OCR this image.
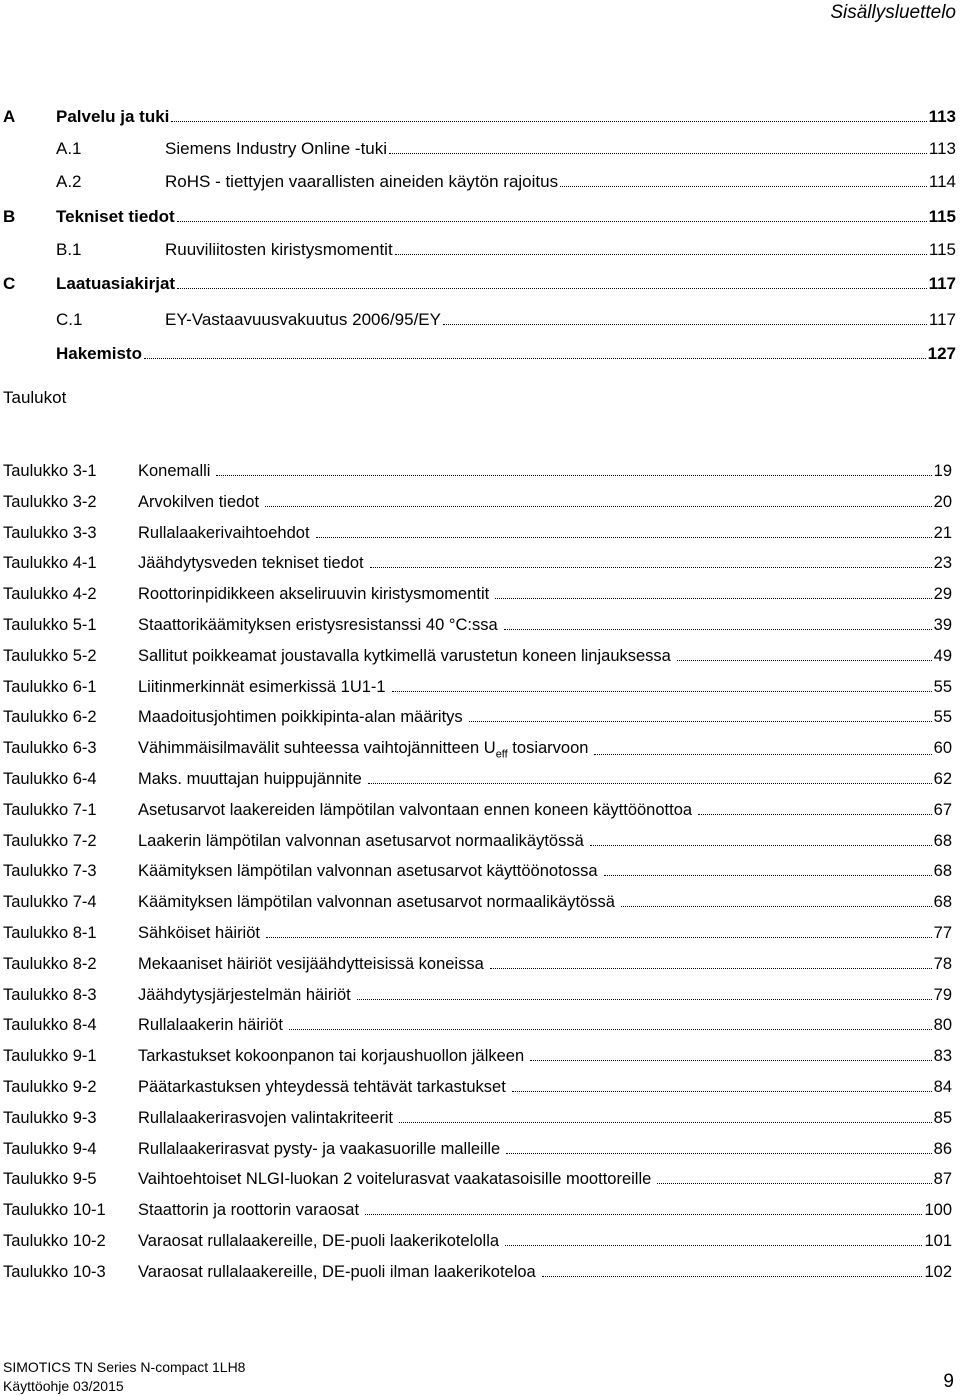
Sisällysluettelo
A Palvelu ja tuki	113
A.1	Siemens Industry Online -tuki	113
A.2	RoHS - tiettyjen vaarallisten aineiden käytön rajoitus	114
B Tekniset tiedot	115
B.1	Ruuviliitosten kiristysmomentit	115
C Laatuasiakirjat	117
C.1	EY-Vastaavuusvakuutus 2006/95/EY	117
Hakemisto	127
Taulukot
Taulukko 3-1	Konemalli	19
Taulukko 3-2	Arvokilven tiedot	20
Taulukko 3-3	Rullalaakerivaihtoehdot	21
Taulukko 4-1	Jäähdytysveden tekniset tiedot	23
Taulukko 4-2	Roottorinpidikkeen akseliruuvin kiristysmomentit	29
Taulukko 5-1	Staattorikäämityksen eristysresistanssi 40 °C:ssa	39
Taulukko 5-2	Sallitut poikkeamat joustavalla kytkimellä varustetun koneen linjauksessa	49
Taulukko 6-1	Liitinmerkinnät esimerkissä 1U1-1	55
Taulukko 6-2	Maadoitusjohtimen poikkipinta-alan määritys	55
Taulukko 6-3	Vähimmäisilmavälit suhteessa vaihtojännitteen $U_{eff}$ tosiarvoon	60
Taulukko 6-4	Maks. muuttajan huippujännite	62
Taulukko 7-1	Asetusarvot laakereiden lämpötilan valvontaan ennen koneen käyttöönottoa	67
Taulukko 7-2	Laakerin lämpötilan valvonnan asetusarvot normaalikäytössä	68
Taulukko 7-3	Käämityksen lämpötilan valvonnan asetusarvot käyttöönotossa	68
Taulukko 7-4	Käämityksen lämpötilan valvonnan asetusarvot normaalikäytössä	68
Taulukko 8-1	Sähköiset häiriöt	77
Taulukko 8-2	Mekaaniset häiriöt vesijäähdytteisissä koneissa	78
Taulukko 8-3	Jäähdytysjärjestelmän häiriöt	79
Taulukko 8-4	Rullalaakerin häiriöt	80
Taulukko 9-1	Tarkastukset kokoonpanon tai korjaushuollon jälkeen	83
Taulukko 9-2	Päätarkastuksen yhteydessä tehtävät tarkastukset	84
Taulukko 9-3	Rullalaakerirasvojen valintakriteerit	85
Taulukko 9-4	Rullalaakerirasvat pysty- ja vaakasuorille malleille	86
Taulukko 9-5	Vaihtoehtoiset NLGI-luokan 2 voitelurasvat vaakatasoisille moottoreille	87
Taulukko 10-1 Staattorin ja roottorin varaosat	100
Taulukko 10-2 Varaosat rullalaakereille, DE-puoli laakerikotelolla	101
Taulukko 10-3 Varaosat rullalaakereille, DE-puoli ilman laakerikoteloa	102
SIMOTICS TN Series N-compact 1LH8
Käyttöohje 03/2015	9
